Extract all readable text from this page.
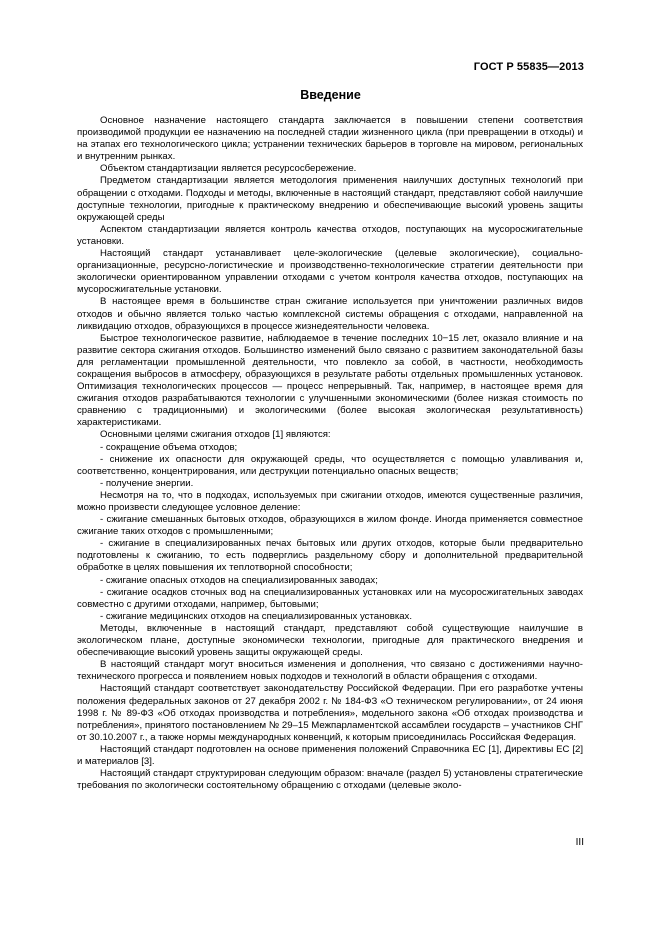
ГОСТ Р 55835—2013
Введение

Основное назначение настоящего стандарта заключается в повышении степени соответствия производимой продукции ее назначению на последней стадии жизненного цикла (при превращении в отходы) и на этапах его технологического цикла; устранении технических барьеров в торговле на мировом, региональных и внутренним рынках.

Объектом стандартизации является ресурсосбережение.

Предметом стандартизации является методология применения наилучших доступных технологий при обращении с отходами. Подходы и методы, включенные в настоящий стандарт, представляют собой наилучшие доступные технологии, пригодные к практическому внедрению и обеспечивающие высокий уровень защиты окружающей среды

Аспектом стандартизации является контроль качества отходов, поступающих на мусоросжигательные установки.

Настоящий стандарт устанавливает целе-экологические (целевые экологические), социально-организационные, ресурсно-логистические и производственно-технологические стратегии деятельности при экологически ориентированном управлении отходами с учетом контроля качества отходов, поступающих на мусоросжигательные установки.

В настоящее время в большинстве стран сжигание используется при уничтожении различных видов отходов и обычно является только частью комплексной системы обращения с отходами, направленной на ликвидацию отходов, образующихся в процессе жизнедеятельности человека.

Быстрое технологическое развитие, наблюдаемое в течение последних 10−15 лет, оказало влияние и на развитие сектора сжигания отходов. Большинство изменений было связано с развитием законодательной базы для регламентации промышленной деятельности, что повлекло за собой, в частности, необходимость сокращения выбросов в атмосферу, образующихся в результате работы отдельных промышленных установок. Оптимизация технологических процессов — процесс непрерывный. Так, например, в настоящее время для сжигания отходов разрабатываются технологии с улучшенными экономическими (более низкая стоимость по сравнению с традиционными) и экологическими (более высокая экологическая результативность) характеристиками.

Основными целями сжигания отходов [1] являются:

- сокращение объема отходов;

- снижение их опасности для окружающей среды, что осуществляется с помощью улавливания и, соответственно, концентрирования, или деструкции потенциально опасных веществ;

- получение энергии.

Несмотря на то, что в подходах, используемых при сжигании отходов, имеются существенные различия, можно произвести следующее условное деление:

- сжигание смешанных бытовых отходов, образующихся в жилом фонде. Иногда применяется совместное сжигание таких отходов с промышленными;

- сжигание в специализированных печах бытовых или других отходов, которые были предварительно подготовлены к сжиганию, то есть подверглись раздельному сбору и дополнительной предварительной обработке в целях повышения их теплотворной способности;

- сжигание опасных отходов на специализированных заводах;

- сжигание осадков сточных вод на специализированных установках или на мусоросжигательных заводах совместно с другими отходами, например, бытовыми;

- сжигание медицинских отходов на специализированных установках.

Методы, включенные в настоящий стандарт, представляют собой существующие наилучшие в экологическом плане, доступные экономически технологии, пригодные для практического внедрения и обеспечивающие высокий уровень защиты окружающей среды.

В настоящий стандарт могут вноситься изменения и дополнения, что связано с достижениями научно-технического прогресса и появлением новых подходов и технологий в области обращения с отходами.

Настоящий стандарт соответствует законодательству Российской Федерации. При его разработке учтены положения федеральных законов от 27 декабря 2002 г. № 184-ФЗ «О техническом регулировании», от 24 июня 1998 г. № 89-ФЗ «Об отходах производства и потребления», модельного закона «Об отходах производства и потребления», принятого постановлением № 29–15 Межпарламентской ассамблеи государств – участников СНГ от 30.10.2007 г., а также нормы международных конвенций, к которым присоединилась Российская Федерация.

Настоящий стандарт подготовлен на основе применения положений Справочника ЕС [1], Директивы ЕС [2] и материалов [3].

Настоящий стандарт структурирован следующим образом: вначале (раздел 5) установлены стратегические требования по экологически состоятельному обращению с отходами (целевые эколо-

III
